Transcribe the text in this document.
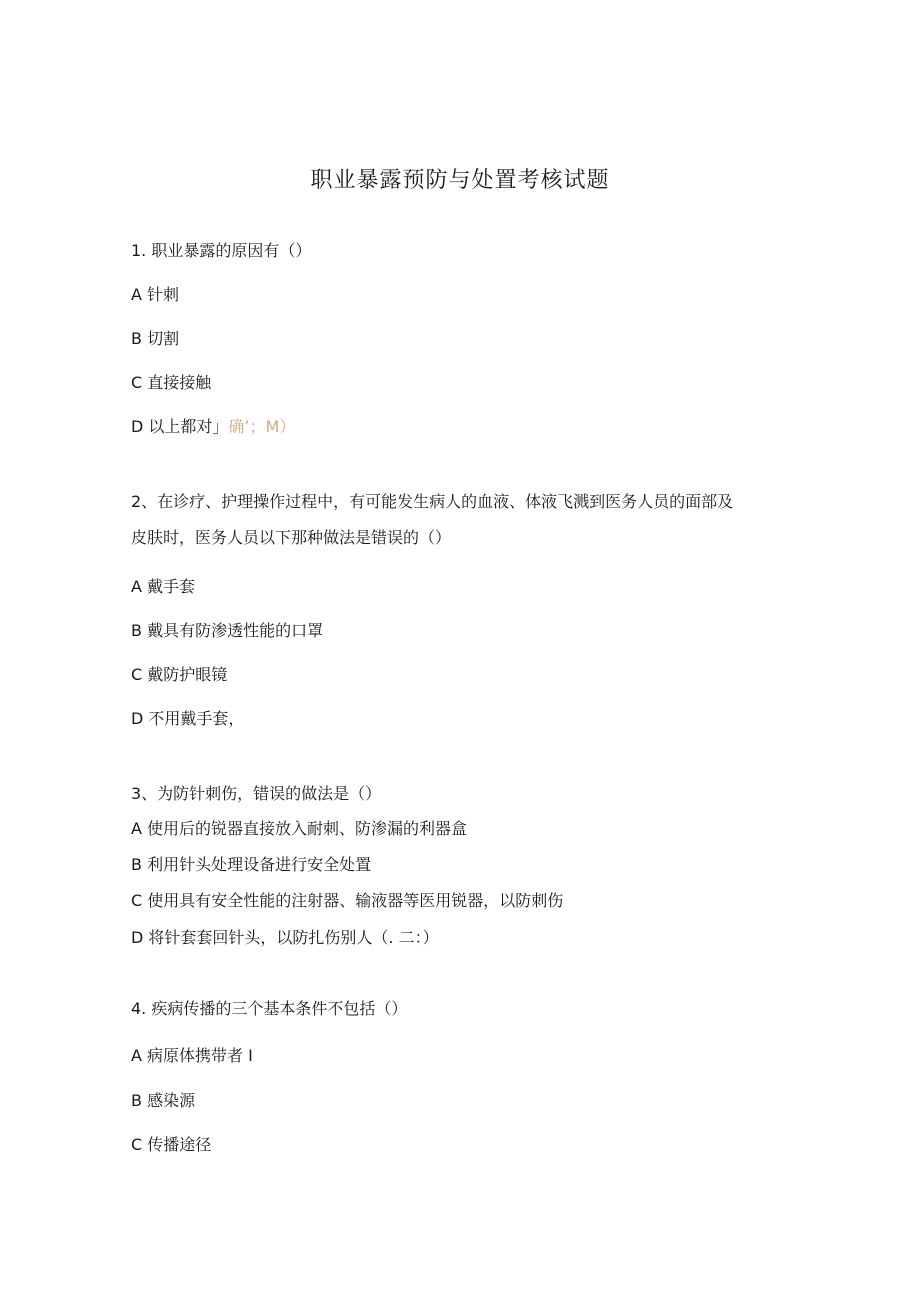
职业暴露预防与处置考核试题
1. 职业暴露的原因有（）
A 针刺
B 切割
C 直接接触
D 以上都对」确’；M）
2、在诊疗、护理操作过程中，有可能发生病人的血液、体液飞溅到医务人员的面部及
皮肤时，医务人员以下那种做法是错误的（）
A 戴手套
B 戴具有防渗透性能的口罩
C 戴防护眼镜
D 不用戴手套，
3、为防针刺伤，错误的做法是（）
A 使用后的锐器直接放入耐刺、防渗漏的利器盒
B 利用针头处理设备进行安全处置
C 使用具有安全性能的注射器、输液器等医用锐器，以防刺伤
D 将针套套回针头，以防扎伤别人（. 二：）
4. 疾病传播的三个基本条件不包括（）
A 病原体携带者 I
B 感染源
C 传播途径
